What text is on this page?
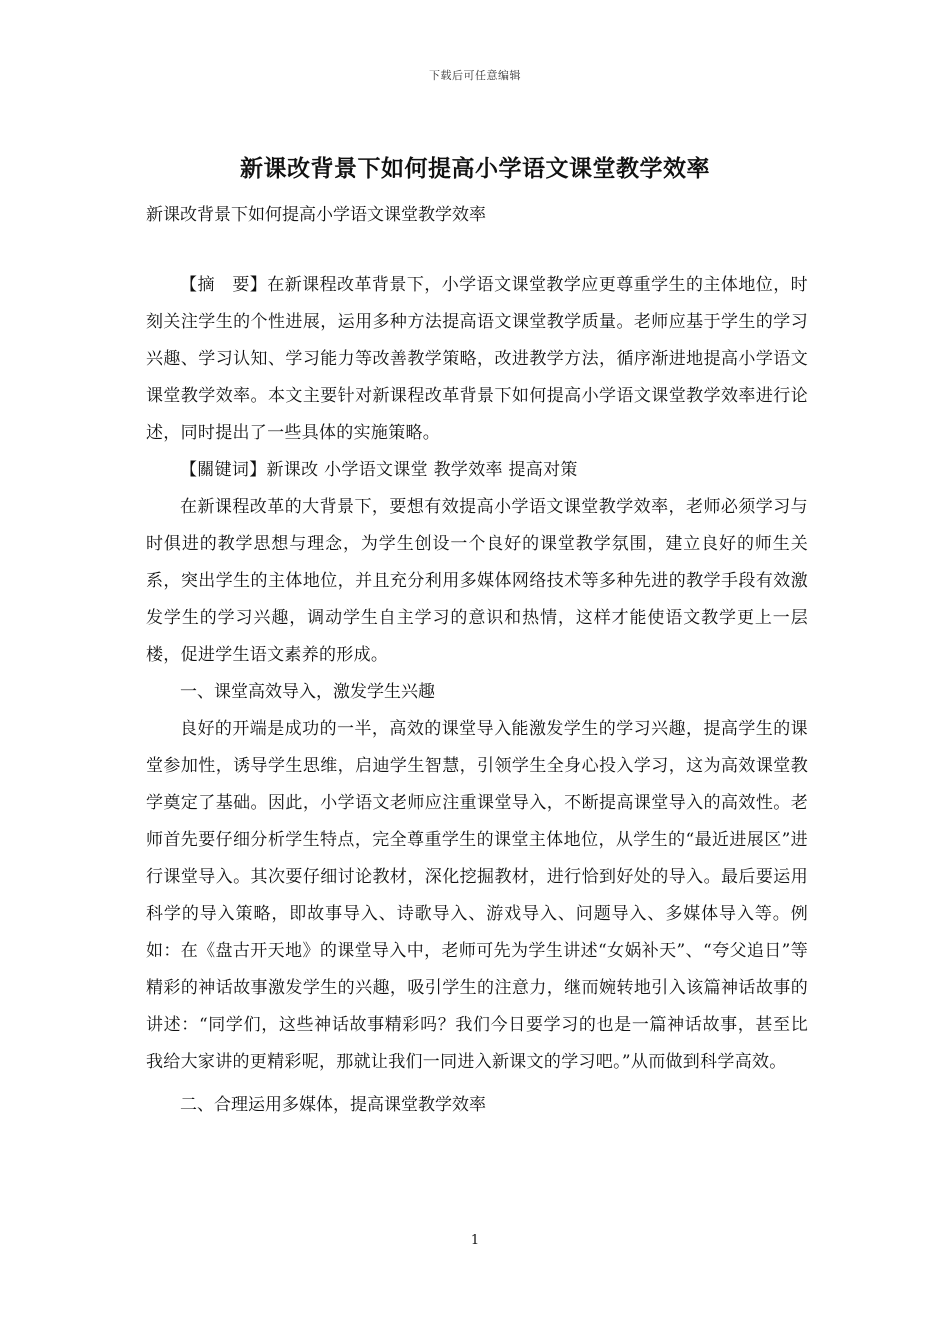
下载后可任意编辑
新课改背景下如何提高小学语文课堂教学效率

新课改背景下如何提高小学语文课堂教学效率

【摘　要】在新课程改革背景下，小学语文课堂教学应更尊重学生的主体地位，时刻关注学生的个性进展，运用多种方法提高语文课堂教学质量。老师应基于学生的学习兴趣、学习认知、学习能力等改善教学策略，改进教学方法，循序渐进地提高小学语文课堂教学效率。本文主要针对新课程改革背景下如何提高小学语文课堂教学效率进行论述，同时提出了一些具体的实施策略。

【關键词】新课改 小学语文课堂 教学效率 提高对策

在新课程改革的大背景下，要想有效提高小学语文课堂教学效率，老师必须学习与时俱进的教学思想与理念，为学生创设一个良好的课堂教学氛围，建立良好的师生关系，突出学生的主体地位，并且充分利用多媒体网络技术等多种先进的教学手段有效激发学生的学习兴趣，调动学生自主学习的意识和热情，这样才能使语文教学更上一层楼，促进学生语文素养的形成。

一、课堂高效导入，激发学生兴趣

良好的开端是成功的一半，高效的课堂导入能激发学生的学习兴趣，提高学生的课堂参加性，诱导学生思维，启迪学生智慧，引领学生全身心投入学习，这为高效课堂教学奠定了基础。因此，小学语文老师应注重课堂导入，不断提高课堂导入的高效性。老师首先要仔细分析学生特点，完全尊重学生的课堂主体地位，从学生的“最近进展区”进行课堂导入。其次要仔细讨论教材，深化挖掘教材，进行恰到好处的导入。最后要运用科学的导入策略，即故事导入、诗歌导入、游戏导入、问题导入、多媒体导入等。例如：在《盘古开天地》的课堂导入中，老师可先为学生讲述“女娲补天”、“夸父追日”等精彩的神话故事激发学生的兴趣，吸引学生的注意力，继而婉转地引入该篇神话故事的讲述：“同学们，这些神话故事精彩吗？我们今日要学习的也是一篇神话故事，甚至比我给大家讲的更精彩呢，那就让我们一同进入新课文的学习吧。”从而做到科学高效。

二、合理运用多媒体，提高课堂教学效率

1
